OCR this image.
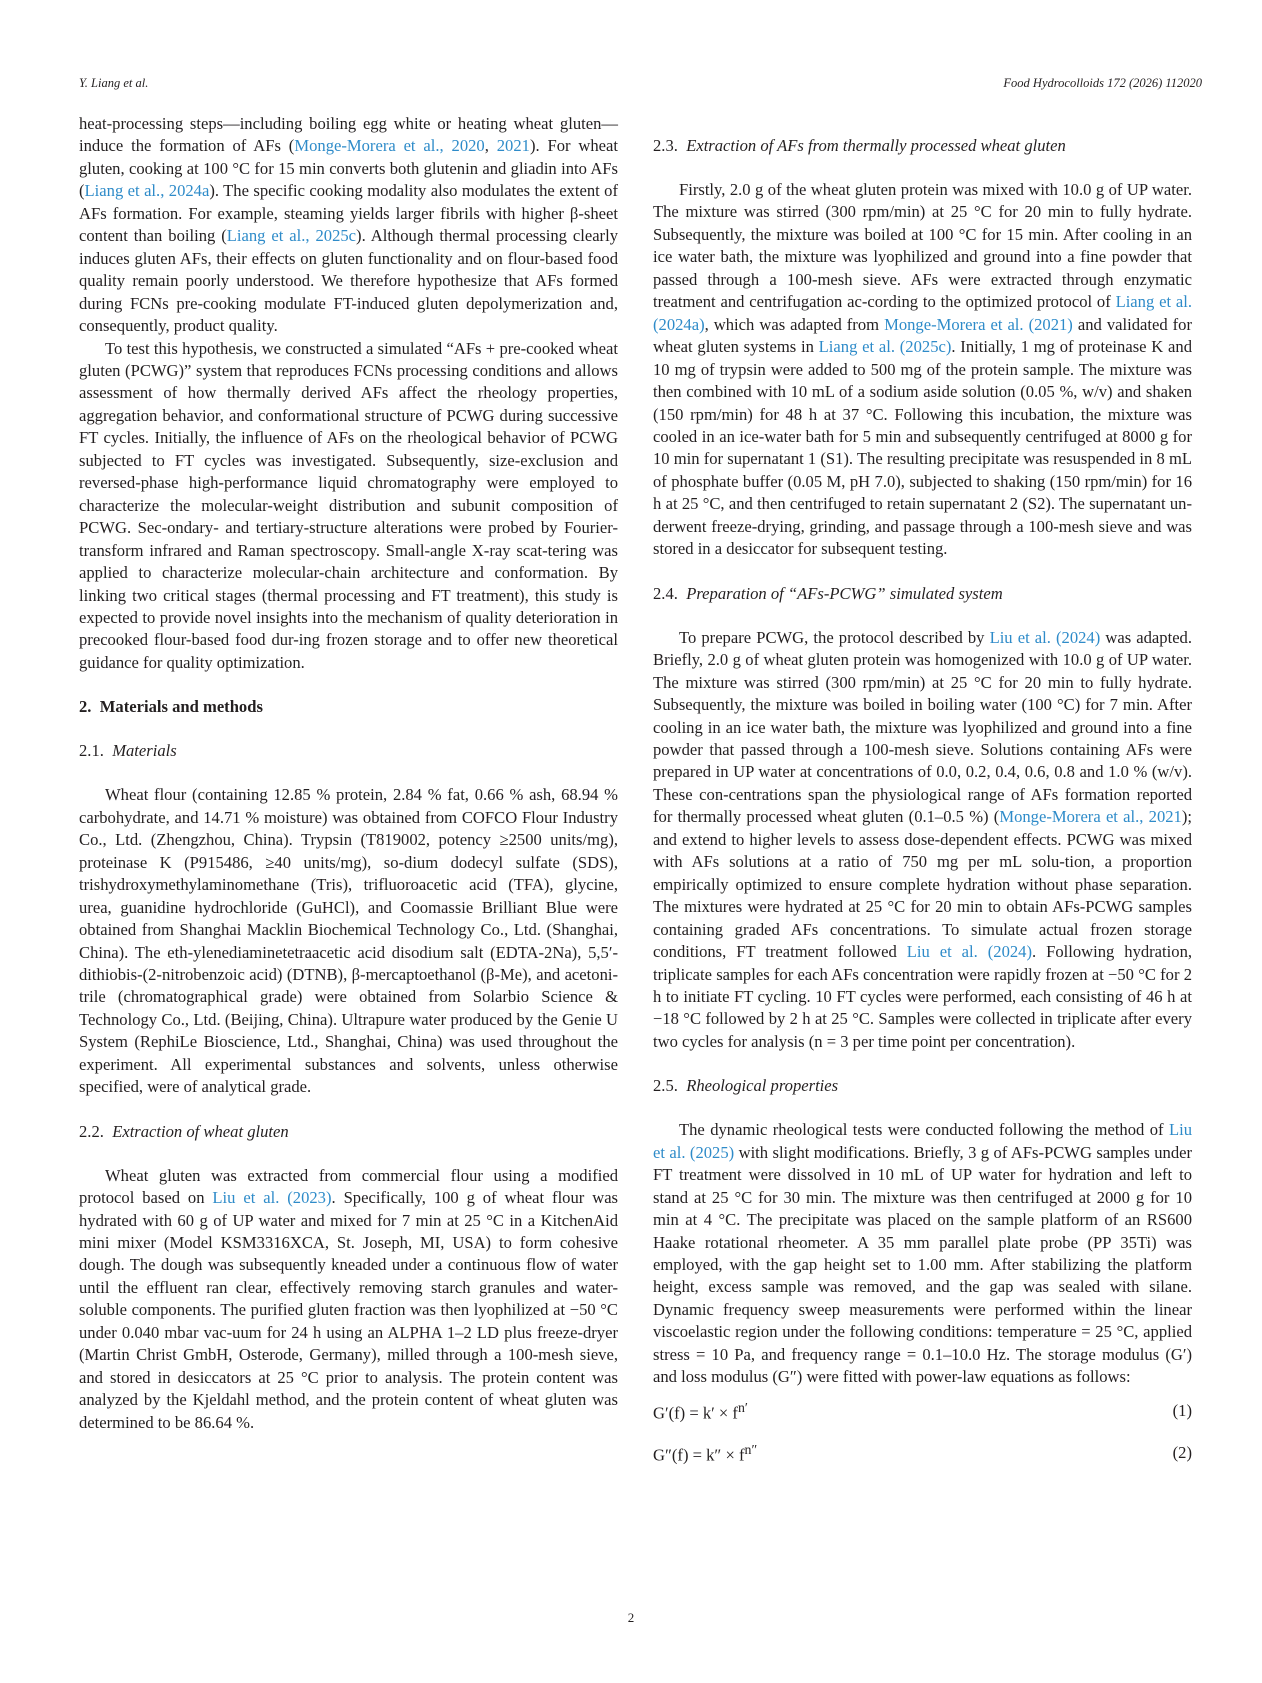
Y. Liang et al.	Food Hydrocolloids 172 (2026) 112020

heat-processing steps—including boiling egg white or heating wheat gluten—induce the formation of AFs (Monge-Morera et al., 2020, 2021). For wheat gluten, cooking at 100 °C for 15 min converts both glutenin and gliadin into AFs (Liang et al., 2024a). The specific cooking modality also modulates the extent of AFs formation. For example, steaming yields larger fibrils with higher β-sheet content than boiling (Liang et al., 2025c). Although thermal processing clearly induces gluten AFs, their effects on gluten functionality and on flour-based food quality remain poorly understood. We therefore hypothesize that AFs formed during FCNs pre-cooking modulate FT-induced gluten depolymerization and, consequently, product quality.

To test this hypothesis, we constructed a simulated “AFs + pre-cooked wheat gluten (PCWG)” system that reproduces FCNs processing conditions and allows assessment of how thermally derived AFs affect the rheology properties, aggregation behavior, and conformational structure of PCWG during successive FT cycles. Initially, the influence of AFs on the rheological behavior of PCWG subjected to FT cycles was investigated. Subsequently, size-exclusion and reversed-phase high-performance liquid chromatography were employed to characterize the molecular-weight distribution and subunit composition of PCWG. Sec-ondary- and tertiary-structure alterations were probed by Fourier-transform infrared and Raman spectroscopy. Small-angle X-ray scat-tering was applied to characterize molecular-chain architecture and conformation. By linking two critical stages (thermal processing and FT treatment), this study is expected to provide novel insights into the mechanism of quality deterioration in precooked flour-based food dur-ing frozen storage and to offer new theoretical guidance for quality optimization.

2. Materials and methods
2.1. Materials

Wheat flour (containing 12.85 % protein, 2.84 % fat, 0.66 % ash, 68.94 % carbohydrate, and 14.71 % moisture) was obtained from COFCO Flour Industry Co., Ltd. (Zhengzhou, China). Trypsin (T819002, potency ≥2500 units/mg), proteinase K (P915486, ≥40 units/mg), so-dium dodecyl sulfate (SDS), trishydroxymethylaminomethane (Tris), trifluoroacetic acid (TFA), glycine, urea, guanidine hydrochloride (GuHCl), and Coomassie Brilliant Blue were obtained from Shanghai Macklin Biochemical Technology Co., Ltd. (Shanghai, China). The eth-ylenediaminetetraacetic acid disodium salt (EDTA-2Na), 5,5′-dithiobis-(2-nitrobenzoic acid) (DTNB), β-mercaptoethanol (β-Me), and acetoni-trile (chromatographical grade) were obtained from Solarbio Science & Technology Co., Ltd. (Beijing, China). Ultrapure water produced by the Genie U System (RephiLe Bioscience, Ltd., Shanghai, China) was used throughout the experiment. All experimental substances and solvents, unless otherwise specified, were of analytical grade.

2.2. Extraction of wheat gluten

Wheat gluten was extracted from commercial flour using a modified protocol based on Liu et al. (2023). Specifically, 100 g of wheat flour was hydrated with 60 g of UP water and mixed for 7 min at 25 °C in a KitchenAid mini mixer (Model KSM3316XCA, St. Joseph, MI, USA) to form cohesive dough. The dough was subsequently kneaded under a continuous flow of water until the effluent ran clear, effectively removing starch granules and water-soluble components. The purified gluten fraction was then lyophilized at −50 °C under 0.040 mbar vac-uum for 24 h using an ALPHA 1–2 LD plus freeze-dryer (Martin Christ GmbH, Osterode, Germany), milled through a 100-mesh sieve, and stored in desiccators at 25 °C prior to analysis. The protein content was analyzed by the Kjeldahl method, and the protein content of wheat gluten was determined to be 86.64 %.

2.3. Extraction of AFs from thermally processed wheat gluten

Firstly, 2.0 g of the wheat gluten protein was mixed with 10.0 g of UP water. The mixture was stirred (300 rpm/min) at 25 °C for 20 min to fully hydrate. Subsequently, the mixture was boiled at 100 °C for 15 min. After cooling in an ice water bath, the mixture was lyophilized and ground into a fine powder that passed through a 100-mesh sieve. AFs were extracted through enzymatic treatment and centrifugation ac-cording to the optimized protocol of Liang et al. (2024a), which was adapted from Monge-Morera et al. (2021) and validated for wheat gluten systems in Liang et al. (2025c). Initially, 1 mg of proteinase K and 10 mg of trypsin were added to 500 mg of the protein sample. The mixture was then combined with 10 mL of a sodium aside solution (0.05 %, w/v) and shaken (150 rpm/min) for 48 h at 37 °C. Following this incubation, the mixture was cooled in an ice-water bath for 5 min and subsequently centrifuged at 8000 g for 10 min for supernatant 1 (S1). The resulting precipitate was resuspended in 8 mL of phosphate buffer (0.05 M, pH 7.0), subjected to shaking (150 rpm/min) for 16 h at 25 °C, and then centrifuged to retain supernatant 2 (S2). The supernatant un-derwent freeze-drying, grinding, and passage through a 100-mesh sieve and was stored in a desiccator for subsequent testing.

2.4. Preparation of “AFs-PCWG” simulated system

To prepare PCWG, the protocol described by Liu et al. (2024) was adapted. Briefly, 2.0 g of wheat gluten protein was homogenized with 10.0 g of UP water. The mixture was stirred (300 rpm/min) at 25 °C for 20 min to fully hydrate. Subsequently, the mixture was boiled in boiling water (100 °C) for 7 min. After cooling in an ice water bath, the mixture was lyophilized and ground into a fine powder that passed through a 100-mesh sieve. Solutions containing AFs were prepared in UP water at concentrations of 0.0, 0.2, 0.4, 0.6, 0.8 and 1.0 % (w/v). These con-centrations span the physiological range of AFs formation reported for thermally processed wheat gluten (0.1–0.5 %) (Monge-Morera et al., 2021); and extend to higher levels to assess dose-dependent effects. PCWG was mixed with AFs solutions at a ratio of 750 mg per mL solu-tion, a proportion empirically optimized to ensure complete hydration without phase separation. The mixtures were hydrated at 25 °C for 20 min to obtain AFs-PCWG samples containing graded AFs concentrations. To simulate actual frozen storage conditions, FT treatment followed Liu et al. (2024). Following hydration, triplicate samples for each AFs concentration were rapidly frozen at −50 °C for 2 h to initiate FT cycling. 10 FT cycles were performed, each consisting of 46 h at −18 °C followed by 2 h at 25 °C. Samples were collected in triplicate after every two cycles for analysis (n = 3 per time point per concentration).

2.5. Rheological properties

The dynamic rheological tests were conducted following the method of Liu et al. (2025) with slight modifications. Briefly, 3 g of AFs-PCWG samples under FT treatment were dissolved in 10 mL of UP water for hydration and left to stand at 25 °C for 30 min. The mixture was then centrifuged at 2000 g for 10 min at 4 °C. The precipitate was placed on the sample platform of an RS600 Haake rotational rheometer. A 35 mm parallel plate probe (PP 35Ti) was employed, with the gap height set to 1.00 mm. After stabilizing the platform height, excess sample was removed, and the gap was sealed with silane. Dynamic frequency sweep measurements were performed within the linear viscoelastic region under the following conditions: temperature = 25 °C, applied stress = 10 Pa, and frequency range = 0.1–10.0 Hz. The storage modulus (G′) and loss modulus (G″) were fitted with power-law equations as follows:

$G'(f) = k' \times f^{n'}$	(1)
$G''(f) = k'' \times f^{n''}$	(2)
2
